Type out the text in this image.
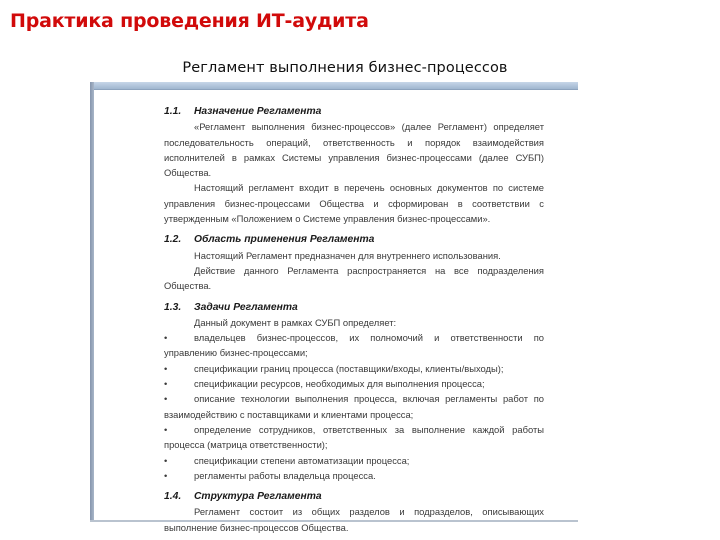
Практика проведения ИТ-аудита
Регламент выполнения бизнес-процессов
1.1. Назначение Регламента
«Регламент выполнения бизнес-процессов» (далее Регламент) определяет последовательность операций, ответственность и порядок взаимодействия исполнителей в рамках Системы управления бизнес-процессами (далее СУБП) Общества.
Настоящий регламент входит в перечень основных документов по системе управления бизнес-процессами Общества и сформирован в соответствии с утвержденным «Положением о Системе управления бизнес-процессами».
1.2. Область применения Регламента
Настоящий Регламент предназначен для внутреннего использования.
Действие данного Регламента распространяется на все подразделения Общества.
1.3. Задачи Регламента
Данный документ в рамках СУБП определяет:
•	владельцев бизнес-процессов, их полномочий и ответственности по управлению бизнес-процессами;
•	спецификации границ процесса (поставщики/входы, клиенты/выходы);
•	спецификации ресурсов, необходимых для выполнения процесса;
•	описание технологии выполнения процесса, включая регламенты работ по взаимодействию с поставщиками и клиентами процесса;
•	определение сотрудников, ответственных за выполнение каждой работы процесса (матрица ответственности);
•	спецификации степени автоматизации процесса;
•	регламенты работы владельца процесса.
1.4. Структура Регламента
Регламент состоит из общих разделов и подразделов, описывающих выполнение бизнес-процессов Общества.
